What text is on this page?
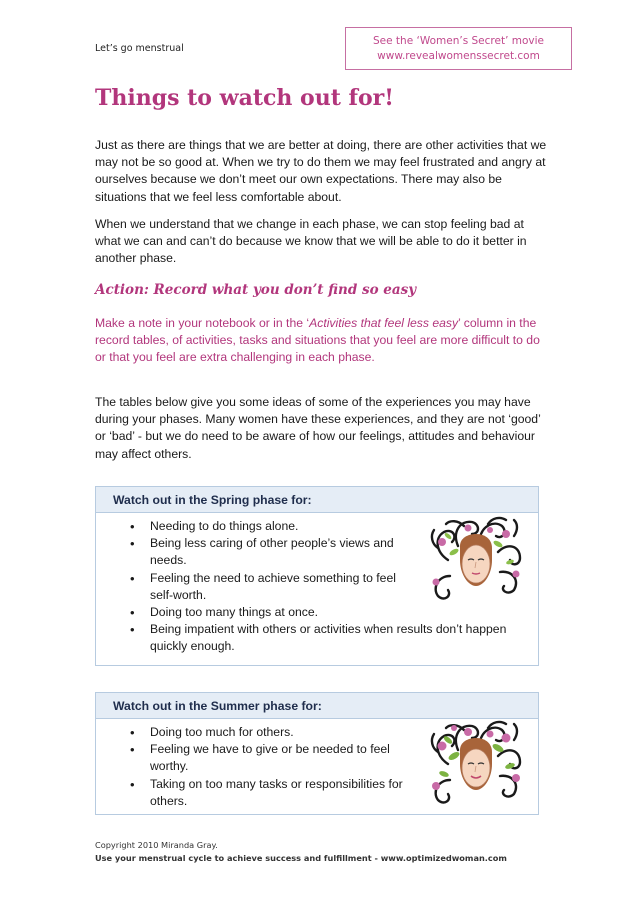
Let’s go menstrual
See the ‘Women’s Secret’ movie
www.revealwomenssecret.com
Things to watch out for!

Just as there are things that we are better at doing, there are other activities that we may not be so good at. When we try to do them we may feel frustrated and angry at ourselves because we don’t meet our own expectations. There may also be situations that we feel less comfortable about.

When we understand that we change in each phase, we can stop feeling bad at what we can and can’t do because we know that we will be able to do it better in another phase.

Action: Record what you don’t find so easy

Make a note in your notebook or in the ‘Activities that feel less easy’ column in the record tables, of activities, tasks and situations that you feel are more difficult to do or that you feel are extra challenging in each phase.

The tables below give you some ideas of some of the experiences you may have during your phases. Many women have these experiences, and they are not ‘good’ or ‘bad’ - but we do need to be aware of how our feelings, attitudes and behaviour may affect others.

Watch out in the Spring phase for:
• Needing to do things alone.
• Being less caring of other people’s views and needs.
• Feeling the need to achieve something to feel self-worth.
• Doing too many things at once.
• Being impatient with others or activities when results don’t happen quickly enough.
Watch out in the Summer phase for:
• Doing too much for others.
• Feeling we have to give or be needed to feel worthy.
• Taking on too many tasks or responsibilities for others.
Copyright 2010 Miranda Gray.
Use your menstrual cycle to achieve success and fulfillment - www.optimizedwoman.com
